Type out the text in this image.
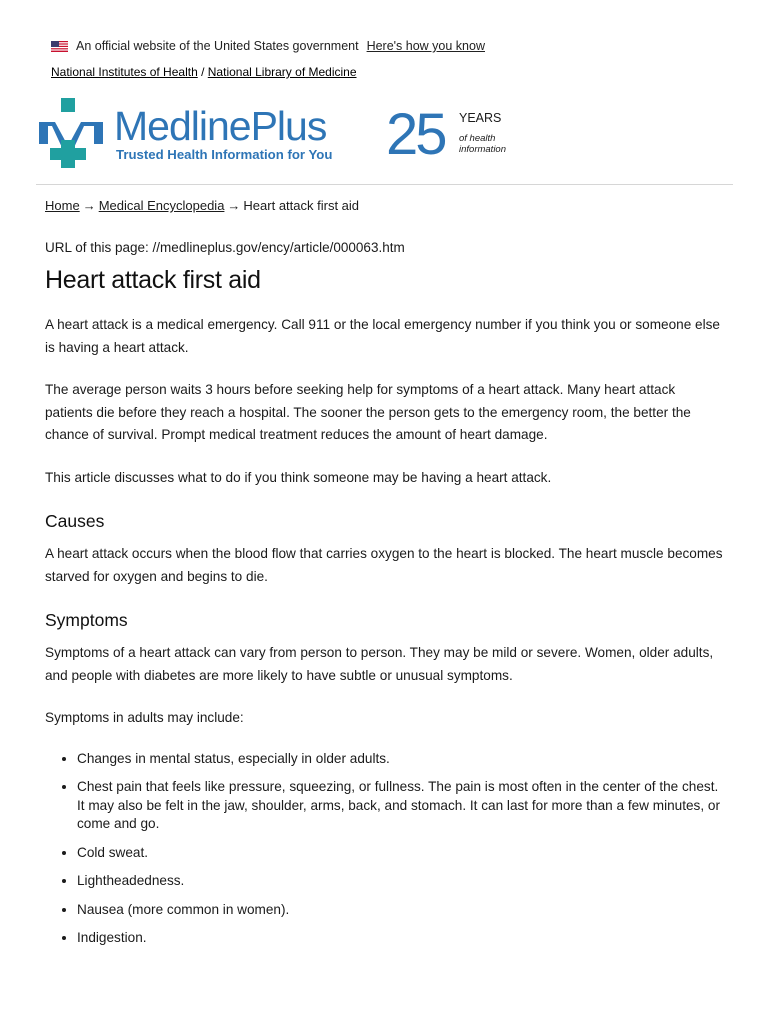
An official website of the United States government Here's how you know
National Institutes of Health / National Library of Medicine
MedlinePlus
Trusted Health Information for You 25 YEARS
of health
information
Home → Medical Encyclopedia → Heart attack first aid
URL of this page: //medlineplus.gov/ency/article/000063.htm
Heart attack first aid

A heart attack is a medical emergency. Call 911 or the local emergency number if you think you or someone else is having a heart attack.

The average person waits 3 hours before seeking help for symptoms of a heart attack. Many heart attack patients die before they reach a hospital. The sooner the person gets to the emergency room, the better the chance of survival. Prompt medical treatment reduces the amount of heart damage.

This article discusses what to do if you think someone may be having a heart attack.

Causes

A heart attack occurs when the blood flow that carries oxygen to the heart is blocked. The heart muscle becomes starved for oxygen and begins to die.

Symptoms

Symptoms of a heart attack can vary from person to person. They may be mild or severe. Women, older adults, and people with diabetes are more likely to have subtle or unusual symptoms.

Symptoms in adults may include:

• Changes in mental status, especially in older adults.
• Chest pain that feels like pressure, squeezing, or fullness. The pain is most often in the center of the chest. It may also be felt in the jaw, shoulder, arms, back, and stomach. It can last for more than a few minutes, or come and go.
• Cold sweat.
• Lightheadedness.
• Nausea (more common in women).
• Indigestion.
